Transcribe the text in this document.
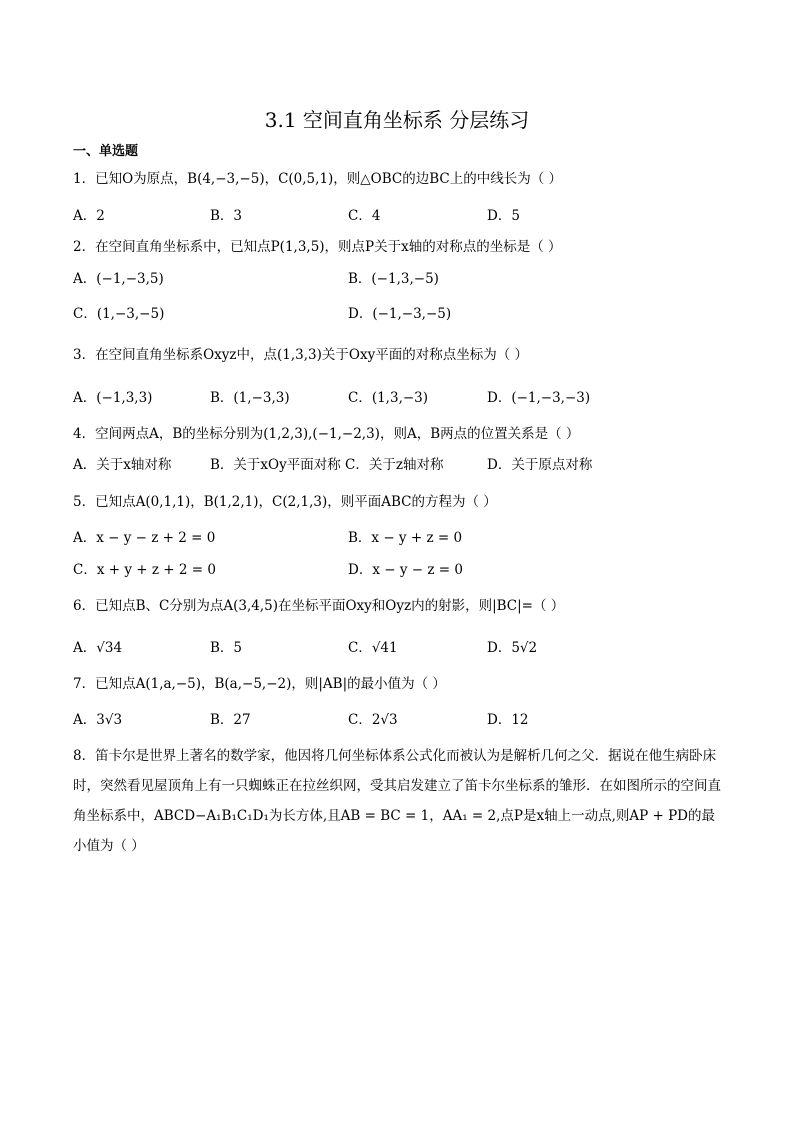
3.1 空间直角坐标系 分层练习
一、单选题
1．已知O为原点，B(4,−3,−5)，C(0,5,1)，则△OBC的边BC上的中线长为（ ）
A．2	B．3	C．4	D．5
2．在空间直角坐标系中，已知点P(1,3,5)，则点P关于x轴的对称点的坐标是（ ）
A．(−1,−3,5)	B．(−1,3,−5)
C．(1,−3,−5)	D．(−1,−3,−5)
3．在空间直角坐标系Oxyz中，点(1,3,3)关于Oxy平面的对称点坐标为（ ）
A．(−1,3,3)	B．(1,−3,3)	C．(1,3,−3)	D．(−1,−3,−3)
4．空间两点A，B的坐标分别为(1,2,3),(−1,−2,3)，则A，B两点的位置关系是（ ）
A．关于x轴对称	B．关于xOy平面对称 C．关于z轴对称	D．关于原点对称
5．已知点A(0,1,1)，B(1,2,1)，C(2,1,3)，则平面ABC的方程为（ ）
A．x − y − z + 2 = 0	B．x − y + z = 0
C．x + y + z + 2 = 0	D．x − y − z = 0
6．已知点B、C分别为点A(3,4,5)在坐标平面Oxy和Oyz内的射影，则|BC|=（ ）
A．√34	B．5	C．√41	D．5√2
7．已知点A(1,a,−5)，B(a,−5,−2)，则|AB|的最小值为（ ）
A．3√3	B．27	C．2√3	D．12
8．笛卡尔是世界上著名的数学家，他因将几何坐标体系公式化而被认为是解析几何之父．据说在他生病卧床时，突然看见屋顶角上有一只蜘蛛正在拉丝织网，受其启发建立了笛卡尔坐标系的雏形．在如图所示的空间直角坐标系中，ABCD−A₁B₁C₁D₁为长方体,且AB = BC = 1，AA₁ = 2,点P是x轴上一动点,则AP + PD的最小值为（ ）
